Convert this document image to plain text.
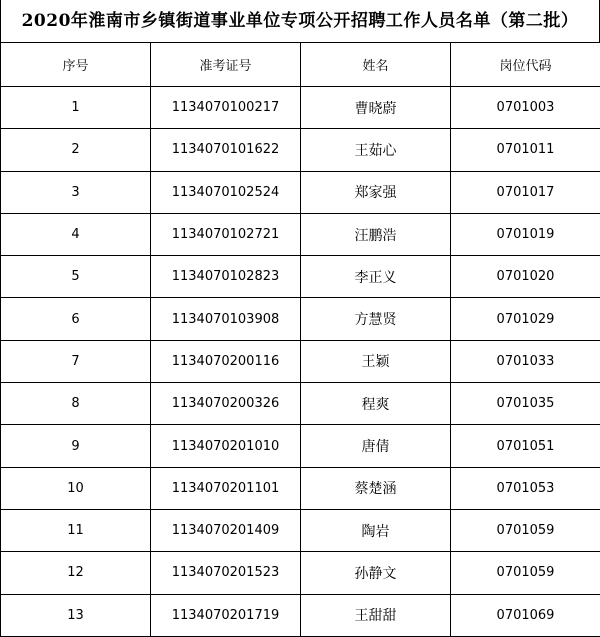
2020年淮南市乡镇街道事业单位专项公开招聘工作人员名单（第二批）
序号	准考证号	姓名	岗位代码
1	1134070100217	曹晓蔚	0701003
2	1134070101622	王茹心	0701011
3	1134070102524	郑家强	0701017
4	1134070102721	汪鹏浩	0701019
5	1134070102823	李正义	0701020
6	1134070103908	方慧贤	0701029
7	1134070200116	王颖	0701033
8	1134070200326	程爽	0701035
9	1134070201010	唐倩	0701051
10	1134070201101	蔡楚涵	0701053
11	1134070201409	陶岩	0701059
12	1134070201523	孙静文	0701059
13	1134070201719	王甜甜	0701069
